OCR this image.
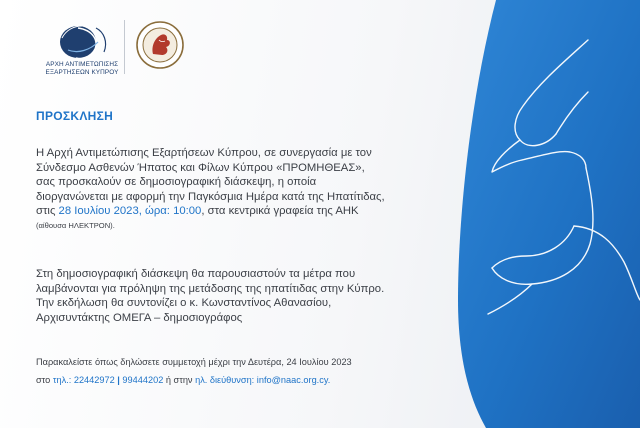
ΑΡΧΗ ΑΝΤΙΜΕΤΩΠΙΣΗΣ
ΕΞΑΡΤΗΣΕΩΝ ΚΥΠΡΟΥ
ΠΡΟΣΚΛΗΣΗ
Η Αρχή Αντιμετώπισης Εξαρτήσεων Κύπρου, σε συνεργασία με τον
Σύνδεσμο Ασθενών Ήπατος και Φίλων Κύπρου «ΠΡΟΜΗΘΕΑΣ»,
σας προσκαλούν σε δημοσιογραφική διάσκεψη, η οποία
διοργανώνεται με αφορμή την Παγκόσμια Ημέρα κατά της Ηπατίτιδας,
στις 28 Ιουλίου 2023, ώρα: 10:00, στα κεντρικά γραφεία της ΑΗΚ
(αίθουσα ΗΛΕΚΤΡΟΝ).
Στη δημοσιογραφική διάσκεψη θα παρουσιαστούν τα μέτρα που
λαμβάνονται για πρόληψη της μετάδοσης της ηπατίτιδας στην Κύπρο.
Την εκδήλωση θα συντονίζει ο κ. Κωνσταντίνος Αθανασίου,
Αρχισυντάκτης ΟΜΕΓΑ – δημοσιογράφος
Παρακαλείστε όπως δηλώσετε συμμετοχή μέχρι την Δευτέρα, 24 Ιουλίου 2023
στο τηλ.: 22442972 | 99444202 ή στην ηλ. διεύθυνση: info@naac.org.cy.
